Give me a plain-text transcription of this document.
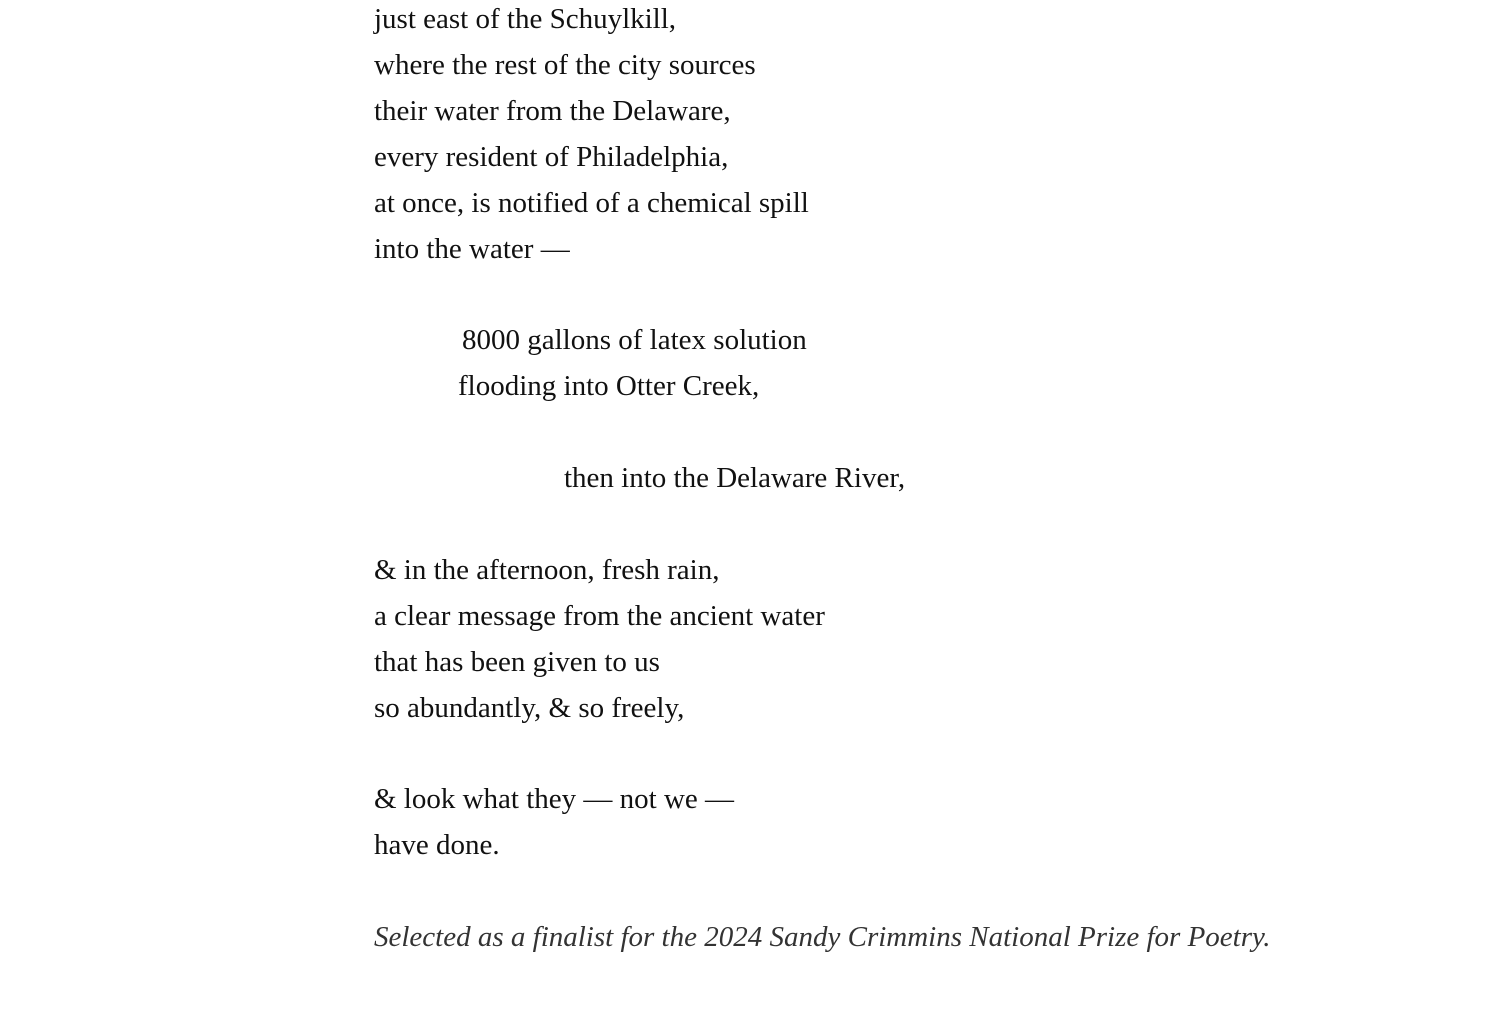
just east of the Schuylkill,
where the rest of the city sources
their water from the Delaware,
every resident of Philadelphia,
at once, is notified of a chemical spill
into the water —
8000 gallons of latex solution
flooding into Otter Creek,
then into the Delaware River,
& in the afternoon, fresh rain,
a clear message from the ancient water
that has been given to us
so abundantly, & so freely,
& look what they — not we —
have done.
Selected as a finalist for the 2024 Sandy Crimmins National Prize for Poetry.
